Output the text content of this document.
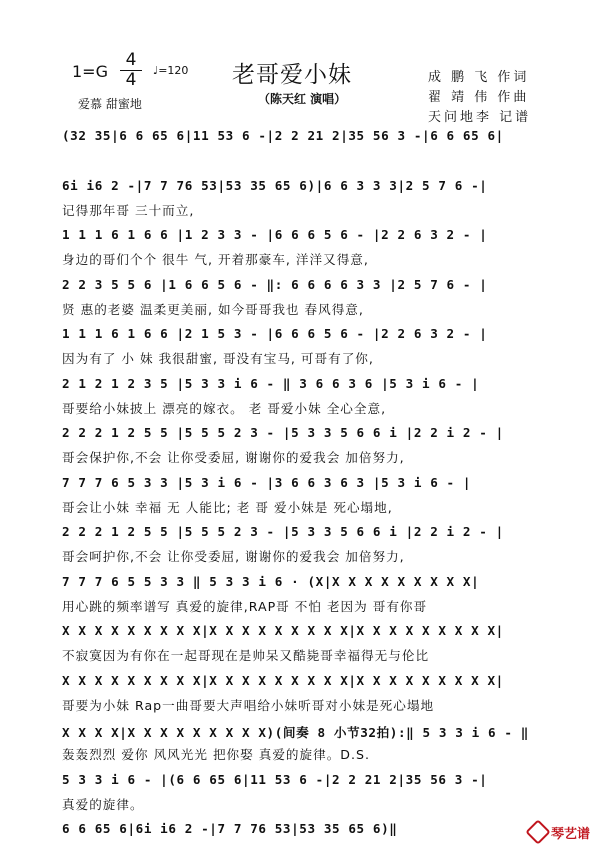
老哥爱小妹
（陈天红 演唱）
1=G
4
4	♩=120
爱慕 甜蜜地
成 鹏 飞 作词
翟 靖 伟 作曲
天问地李 记谱
(32 35|6 6 65 6|11 53 6 -|2 2 21 2|35 56 3 -|6 6 65 6|
6i i6 2 -|7 7 76 53|53 35 65 6)|6 6 3 3 3|2 5 7 6 -|
记得那年哥 三十而立,
1 1 1 6 1 6 6 |1 2 3 3 - |6 6 6 5 6 - |2 2 6 3 2 - |
身边的哥们个个 很牛 气, 开着那豪车, 洋洋又得意,
2 2 3 5 5 6 |1 6 6 5 6 - ‖: 6 6 6 6 3 3 |2 5 7 6 - |
贤 惠的老婆 温柔更美丽, 如今哥哥我也 春风得意,
1 1 1 6 1 6 6 |2 1 5 3 - |6 6 6 5 6 - |2 2 6 3 2 - |
因为有了 小 妹 我很甜蜜, 哥没有宝马, 可哥有了你,
2 1 2 1 2 3 5 |5 3 3 i 6 - ‖ 3 6 6 3 6 |5 3 i 6 - |
哥要给小妹披上 漂亮的嫁衣。 老 哥爱小妹 全心全意,
2 2 2 1 2 5 5 |5 5 5 2 3 - |5 3 3 5 6 6 i |2 2 i 2 - |
哥会保护你,不会 让你受委屈, 谢谢你的爱我会 加倍努力,
7 7 7 6 5 3 3 |5 3 i 6 - |3 6 6 3 6 3 |5 3 i 6 - |
哥会让小妹 幸福 无 人能比; 老 哥 爱小妹是 死心塌地,
2 2 2 1 2 5 5 |5 5 5 2 3 - |5 3 3 5 6 6 i |2 2 i 2 - |
哥会呵护你,不会 让你受委屈, 谢谢你的爱我会 加倍努力,
7 7 7 6 5 5 3 3 ‖ 5 3 3 i 6 · (X|X X X X X X X X X|
用心跳的频率谱写 真爱的旋律,RAP哥 不怕 老因为 哥有你哥
X X X X X X X X X|X X X X X X X X X|X X X X X X X X X|
不寂寞因为有你在一起哥现在是帅呆又酷毙哥幸福得无与伦比
X X X X X X X X X|X X X X X X X X X|X X X X X X X X X|
哥要为小妹 Rap一曲哥要大声唱给小妹听哥对小妹是死心塌地
X X X X|X X X X X X X X X)(间奏 8 小节32拍):‖ 5 3 3 i 6 - ‖
轰轰烈烈 爱你 风风光光 把你娶 真爱的旋律。D.S.
5 3 3 i 6 - |(6 6 65 6|11 53 6 -|2 2 21 2|35 56 3 -|
真爱的旋律。
6 6 65 6|6i i6 2 -|7 7 76 53|53 35 65 6)‖	琴艺谱
